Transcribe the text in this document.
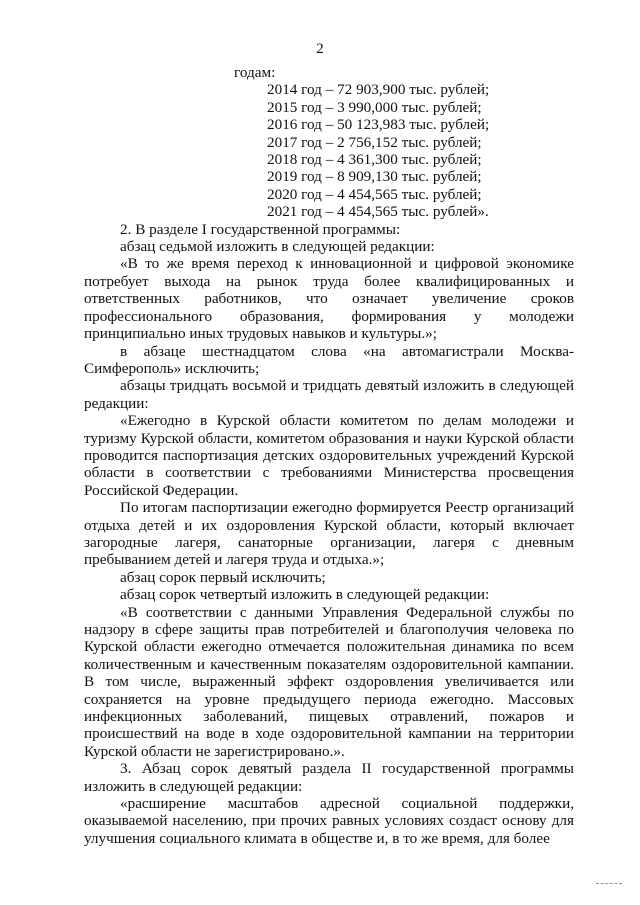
2
годам:
2014 год – 72 903,900 тыс. рублей;
2015 год – 3 990,000 тыс. рублей;
2016 год – 50 123,983 тыс. рублей;
2017 год – 2 756,152 тыс. рублей;
2018 год – 4 361,300 тыс. рублей;
2019 год – 8 909,130 тыс. рублей;
2020 год – 4 454,565 тыс. рублей;
2021 год – 4 454,565 тыс. рублей».

2. В разделе I государственной программы:

абзац седьмой изложить в следующей редакции:

«В то же время переход к инновационной и цифровой экономике потребует выхода на рынок труда более квалифицированных и ответственных работников, что означает увеличение сроков профессионального образования, формирования у молодежи принципиально иных трудовых навыков и культуры.»;

в абзаце шестнадцатом слова «на автомагистрали Москва-Симферополь» исключить;

абзацы тридцать восьмой и тридцать девятый изложить в следующей редакции:

«Ежегодно в Курской области комитетом по делам молодежи и туризму Курской области, комитетом образования и науки Курской области проводится паспортизация детских оздоровительных учреждений Курской области в соответствии с требованиями Министерства просвещения Российской Федерации.

По итогам паспортизации ежегодно формируется Реестр организаций отдыха детей и их оздоровления Курской области, который включает загородные лагеря, санаторные организации, лагеря с дневным пребыванием детей и лагеря труда и отдыха.»;

абзац сорок первый исключить;

абзац сорок четвертый изложить в следующей редакции:

«В соответствии с данными Управления Федеральной службы по надзору в сфере защиты прав потребителей и благополучия человека по Курской области ежегодно отмечается положительная динамика по всем количественным и качественным показателям оздоровительной кампании. В том числе, выраженный эффект оздоровления увеличивается или сохраняется на уровне предыдущего периода ежегодно. Массовых инфекционных заболеваний, пищевых отравлений, пожаров и происшествий на воде в ходе оздоровительной кампании на территории Курской области не зарегистрировано.».

3. Абзац сорок девятый раздела II государственной программы изложить в следующей редакции:

«расширение масштабов адресной социальной поддержки, оказываемой населению, при прочих равных условиях создаст основу для улучшения социального климата в обществе и, в то же время, для более
